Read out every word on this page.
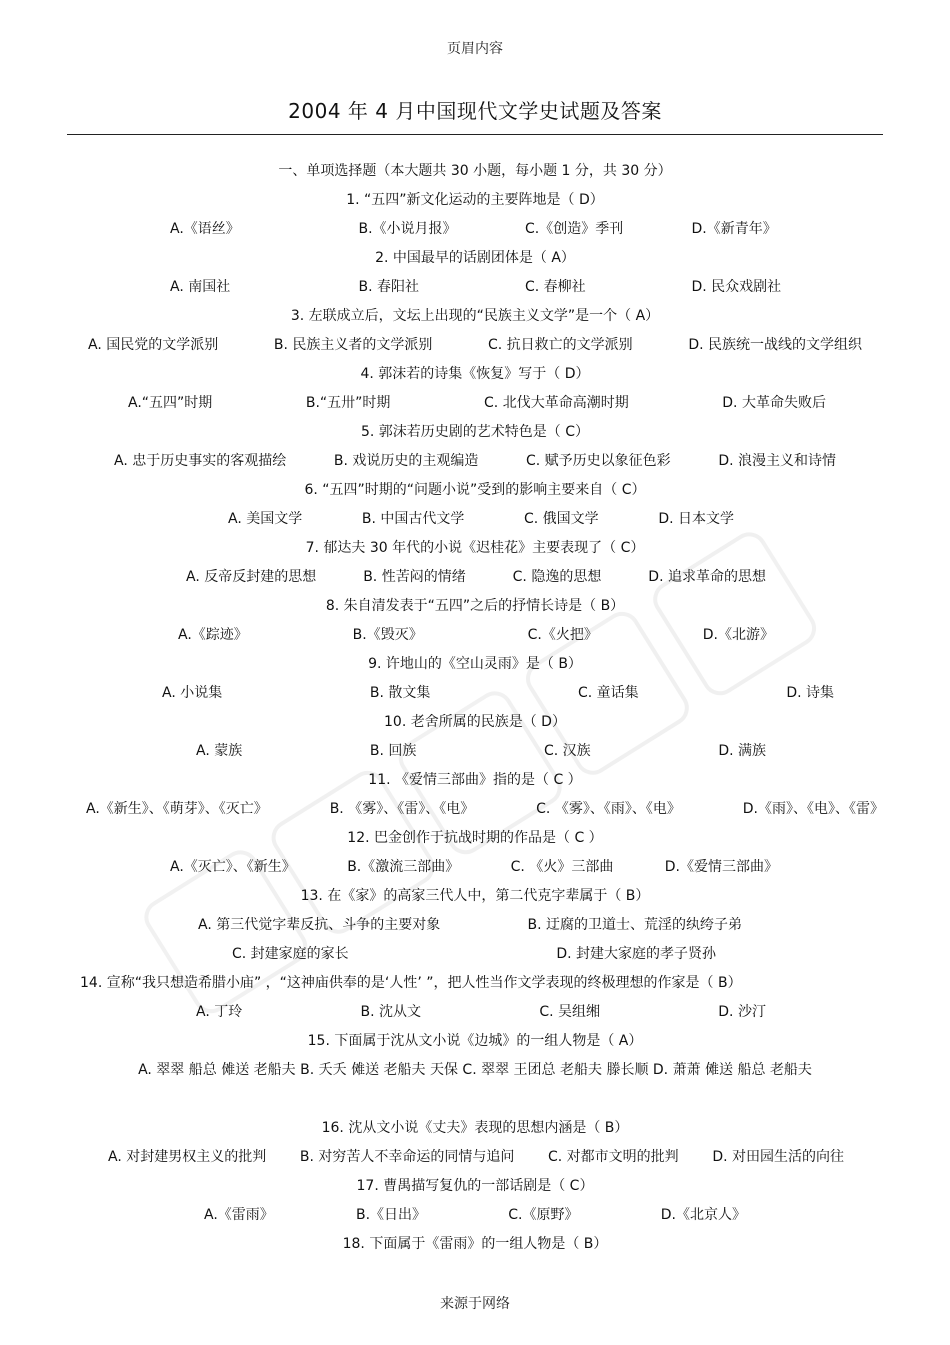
页眉内容
2004 年 4 月中国现代文学史试题及答案
一、单项选择题（本大题共 30 小题，每小题 1 分，共 30 分）
1. “五四”新文化运动的主要阵地是（ D）
A.《语丝》	B.《小说月报》	C.《创造》季刊	D.《新青年》
2. 中国最早的话剧团体是（ A）
A. 南国社	B. 春阳社	C. 春柳社	D. 民众戏剧社
3. 左联成立后，文坛上出现的“民族主义文学”是一个（ A）
A. 国民党的文学派别	B. 民族主义者的文学派别	C. 抗日救亡的文学派别	D. 民族统一战线的文学组织
4. 郭沫若的诗集《恢复》写于（ D）
A.“五四”时期	B.“五卅”时期	C. 北伐大革命高潮时期	D. 大革命失败后
5. 郭沫若历史剧的艺术特色是（ C）
A. 忠于历史事实的客观描绘	B. 戏说历史的主观编造	C. 赋予历史以象征色彩	D. 浪漫主义和诗情
6. “五四”时期的“问题小说”受到的影响主要来自（ C）
A. 美国文学	B. 中国古代文学	C. 俄国文学	D. 日本文学
7. 郁达夫 30 年代的小说《迟桂花》主要表现了（ C）
A. 反帝反封建的思想	B. 性苦闷的情绪	C. 隐逸的思想	D. 追求革命的思想
8. 朱自清发表于“五四”之后的抒情长诗是（ B）
A.《踪迹》	B.《毁灭》	C.《火把》	D.《北游》
9. 许地山的《空山灵雨》是（ B）
A. 小说集	B. 散文集	C. 童话集	D. 诗集
10. 老舍所属的民族是（ D）
A. 蒙族	B. 回族	C. 汉族	D. 满族
11. 《爱情三部曲》指的是（ C ）
A.《新生》、《萌芽》、《灭亡》	B. 《雾》、《雷》、《电》	C. 《雾》、《雨》、《电》	D.《雨》、《电》、《雷》
12. 巴金创作于抗战时期的作品是（ C ）
A.《灭亡》、《新生》	B.《激流三部曲》	C. 《火》三部曲	D.《爱情三部曲》
13. 在《家》的高家三代人中，第二代克字辈属于（ B）
A. 第三代觉字辈反抗、斗争的主要对象	B. 迂腐的卫道士、荒淫的纨绔子弟
C. 封建家庭的家长	D. 封建大家庭的孝子贤孙
14. 宣称“我只想造希腊小庙” ，“这神庙供奉的是‘人性’ ”，把人性当作文学表现的终极理想的作家是（ B）
A. 丁玲	B. 沈从文	C. 吴组缃	D. 沙汀
15. 下面属于沈从文小说《边城》的一组人物是（ A）
A. 翠翠 船总 傩送 老船夫 B. 夭夭 傩送 老船夫 天保 C. 翠翠 王团总 老船夫 滕长顺 D. 萧萧 傩送 船总 老船夫
16. 沈从文小说《丈夫》表现的思想内涵是（ B）
A. 对封建男权主义的批判 B. 对穷苦人不幸命运的同情与追问 C. 对都市文明的批判 D. 对田园生活的向往
17. 曹禺描写复仇的一部话剧是（ C）
A.《雷雨》	B.《日出》	C.《原野》	D.《北京人》
18. 下面属于《雷雨》的一组人物是（ B）
来源于网络
